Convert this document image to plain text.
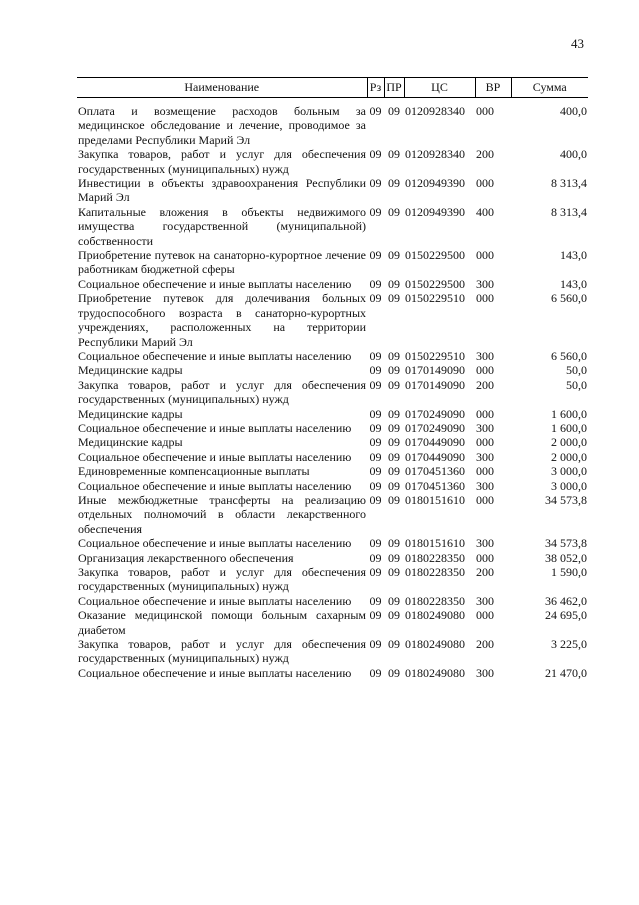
43
Наименование	Рз	ПР	ЦС	ВР	Сумма

Оплата и возмещение расходов больным за медицинское обследование и лечение, проводимое за пределами Республики Марий Эл	09	09	0120928340	000	400,0
Закупка товаров, работ и услуг для обеспечения государственных (муниципальных) нужд	09	09	0120928340	200	400,0
Инвестиции в объекты здравоохранения Республики Марий Эл	09	09	0120949390	000	8 313,4
Капитальные вложения в объекты недвижимого имущества государственной (муниципальной) собственности	09	09	0120949390	400	8 313,4
Приобретение путевок на санаторно-курортное лечение работникам бюджетной сферы	09	09	0150229500	000	143,0
Социальное обеспечение и иные выплаты населению	09	09	0150229500	300	143,0
Приобретение путевок для долечивания больных трудоспособного возраста в санаторно-курортных учреждениях, расположенных на территории Республики Марий Эл	09	09	0150229510	000	6 560,0
Социальное обеспечение и иные выплаты населению	09	09	0150229510	300	6 560,0
Медицинские кадры	09	09	0170149090	000	50,0
Закупка товаров, работ и услуг для обеспечения государственных (муниципальных) нужд	09	09	0170149090	200	50,0
Медицинские кадры	09	09	0170249090	000	1 600,0
Социальное обеспечение и иные выплаты населению	09	09	0170249090	300	1 600,0
Медицинские кадры	09	09	0170449090	000	2 000,0
Социальное обеспечение и иные выплаты населению	09	09	0170449090	300	2 000,0
Единовременные компенсационные выплаты	09	09	0170451360	000	3 000,0
Социальное обеспечение и иные выплаты населению	09	09	0170451360	300	3 000,0
Иные межбюджетные трансферты на реализацию отдельных полномочий в области лекарственного обеспечения	09	09	0180151610	000	34 573,8
Социальное обеспечение и иные выплаты населению	09	09	0180151610	300	34 573,8
Организация лекарственного обеспечения	09	09	0180228350	000	38 052,0
Закупка товаров, работ и услуг для обеспечения государственных (муниципальных) нужд	09	09	0180228350	200	1 590,0
Социальное обеспечение и иные выплаты населению	09	09	0180228350	300	36 462,0
Оказание медицинской помощи больным сахарным диабетом	09	09	0180249080	000	24 695,0
Закупка товаров, работ и услуг для обеспечения государственных (муниципальных) нужд	09	09	0180249080	200	3 225,0
Социальное обеспечение и иные выплаты населению	09	09	0180249080	300	21 470,0
